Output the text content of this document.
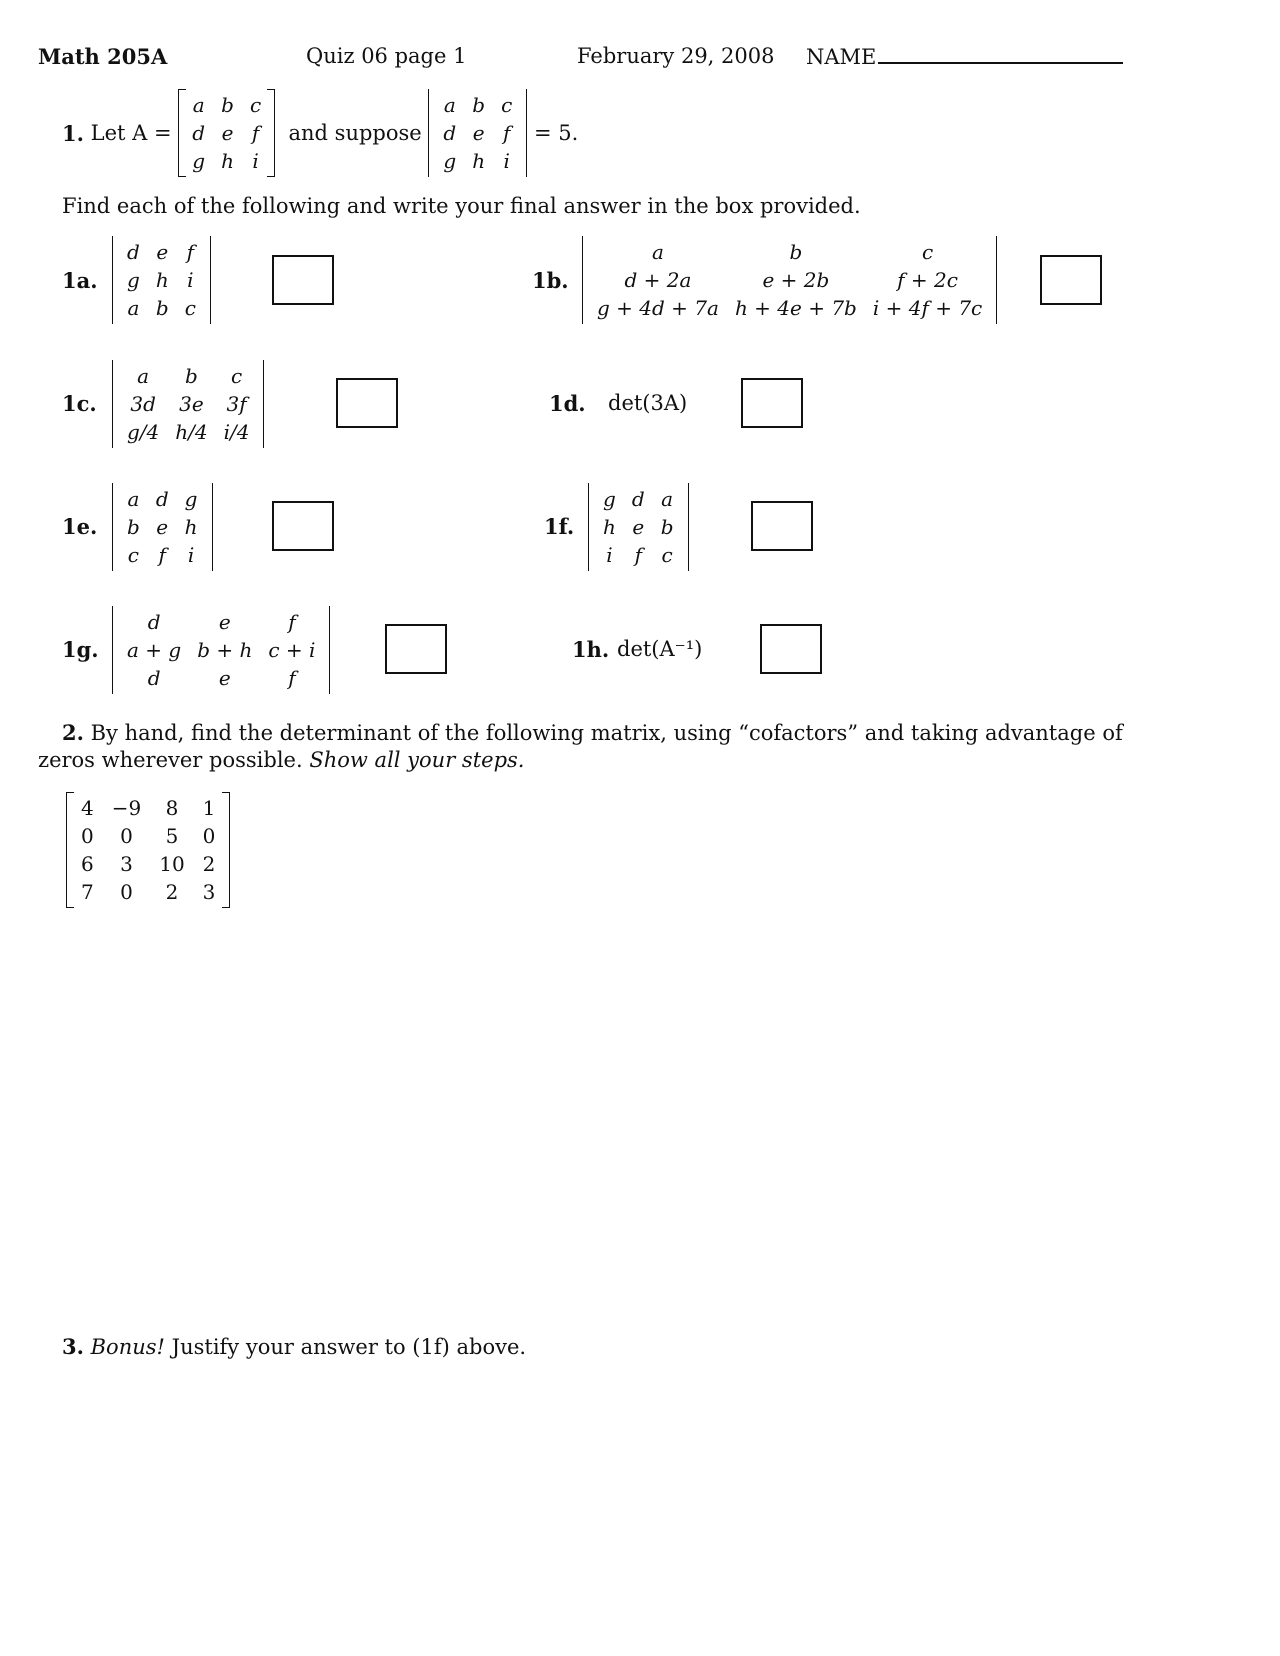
Math 205A	Quiz 06 page 1	February 29, 2008 NAME
1.
Let A =

a	b	c
d	e	f
g	h	i

and suppose

a	b	c
d	e	f
g	h	i

= 5.
Find each of the following and write your final answer in the box provided.
1a.
d	e	f
g	h	i
a	b	c
1b.
a	b	c
d + 2a	e + 2b	f + 2c
g + 4d + 7a	h + 4e + 7b	i + 4f + 7c
1c.
a	b	c
3d	3e	3f
g/4	h/4	i/4
1d. det(3A)
1e.
a	d	g
b	e	h
c	f	i
1f.
g	d	a
h	e	b
i	f	c
1g.
d	e	f
a + g	b + h	c + i
d	e	f
1h. det(A⁻¹)
2. By hand, find the determinant of the following matrix, using “cofactors” and taking advantage of
zeros wherever possible. Show all your steps.
4	−9	8	1
0	0	5	0
6	3	10	2
7	0	2	3
3. Bonus! Justify your answer to (1f) above.
